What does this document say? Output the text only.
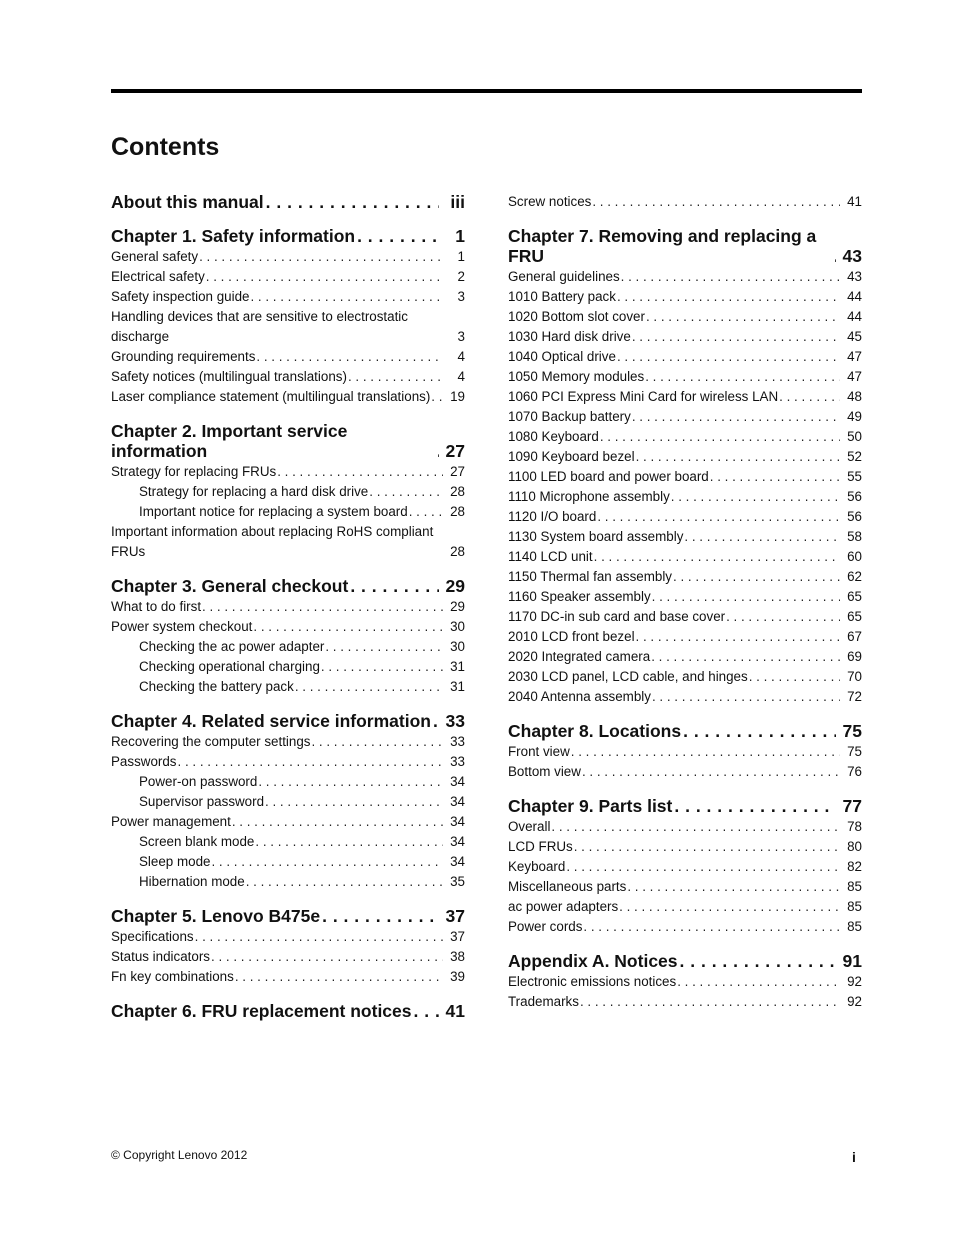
Contents
About this manual . .	iii
Chapter 1. Safety information . .	1
General safety . .	1
Electrical safety . .	2
Safety inspection guide . .	3
Handling devices that are sensitive to electrostatic discharge . .	3
Grounding requirements . .	4
Safety notices (multilingual translations) . .	4
Laser compliance statement (multilingual translations) . .	19
Chapter 2. Important service information . .	27
Strategy for replacing FRUs . .	27
Strategy for replacing a hard disk drive . .	28
Important notice for replacing a system board . .	28
Important information about replacing RoHS compliant FRUs . .	28
Chapter 3. General checkout . .	29
What to do first . .	29
Power system checkout . .	30
Checking the ac power adapter . .	30
Checking operational charging . .	31
Checking the battery pack . .	31
Chapter 4. Related service information . . 33
Recovering the computer settings . .	33
Passwords . .	33
Power-on password . .	34
Supervisor password . .	34
Power management . .	34
Screen blank mode . .	34
Sleep mode . .	34
Hibernation mode . .	35
Chapter 5. Lenovo B475e . .	37
Specifications . .	37
Status indicators . .	38
Fn key combinations . .	39
Chapter 6. FRU replacement notices . .	41
Screw notices . .	41
Chapter 7. Removing and replacing a FRU . .	43
General guidelines . .	43
1010 Battery pack . .	44
1020 Bottom slot cover . .	44
1030 Hard disk drive . .	45
1040 Optical drive . .	47
1050 Memory modules . .	47
1060 PCI Express Mini Card for wireless LAN . .	48
1070 Backup battery . .	49
1080 Keyboard . .	50
1090 Keyboard bezel . .	52
1100 LED board and power board . .	55
1110 Microphone assembly . .	56
1120 I/O board . .	56
1130 System board assembly . .	58
1140 LCD unit . .	60
1150 Thermal fan assembly . .	62
1160 Speaker assembly . .	65
1170 DC-in sub card and base cover . .	65
2010 LCD front bezel . .	67
2020 Integrated camera . .	69
2030 LCD panel, LCD cable, and hinges . .	70
2040 Antenna assembly . .	72
Chapter 8. Locations . .	75
Front view . .	75
Bottom view . .	76
Chapter 9. Parts list . .	77
Overall . .	78
LCD FRUs . .	80
Keyboard . .	82
Miscellaneous parts . .	85
ac power adapters . .	85
Power cords . .	85
Appendix A. Notices . .	91
Electronic emissions notices . .	92
Trademarks . .	92
© Copyright Lenovo 2012	i
